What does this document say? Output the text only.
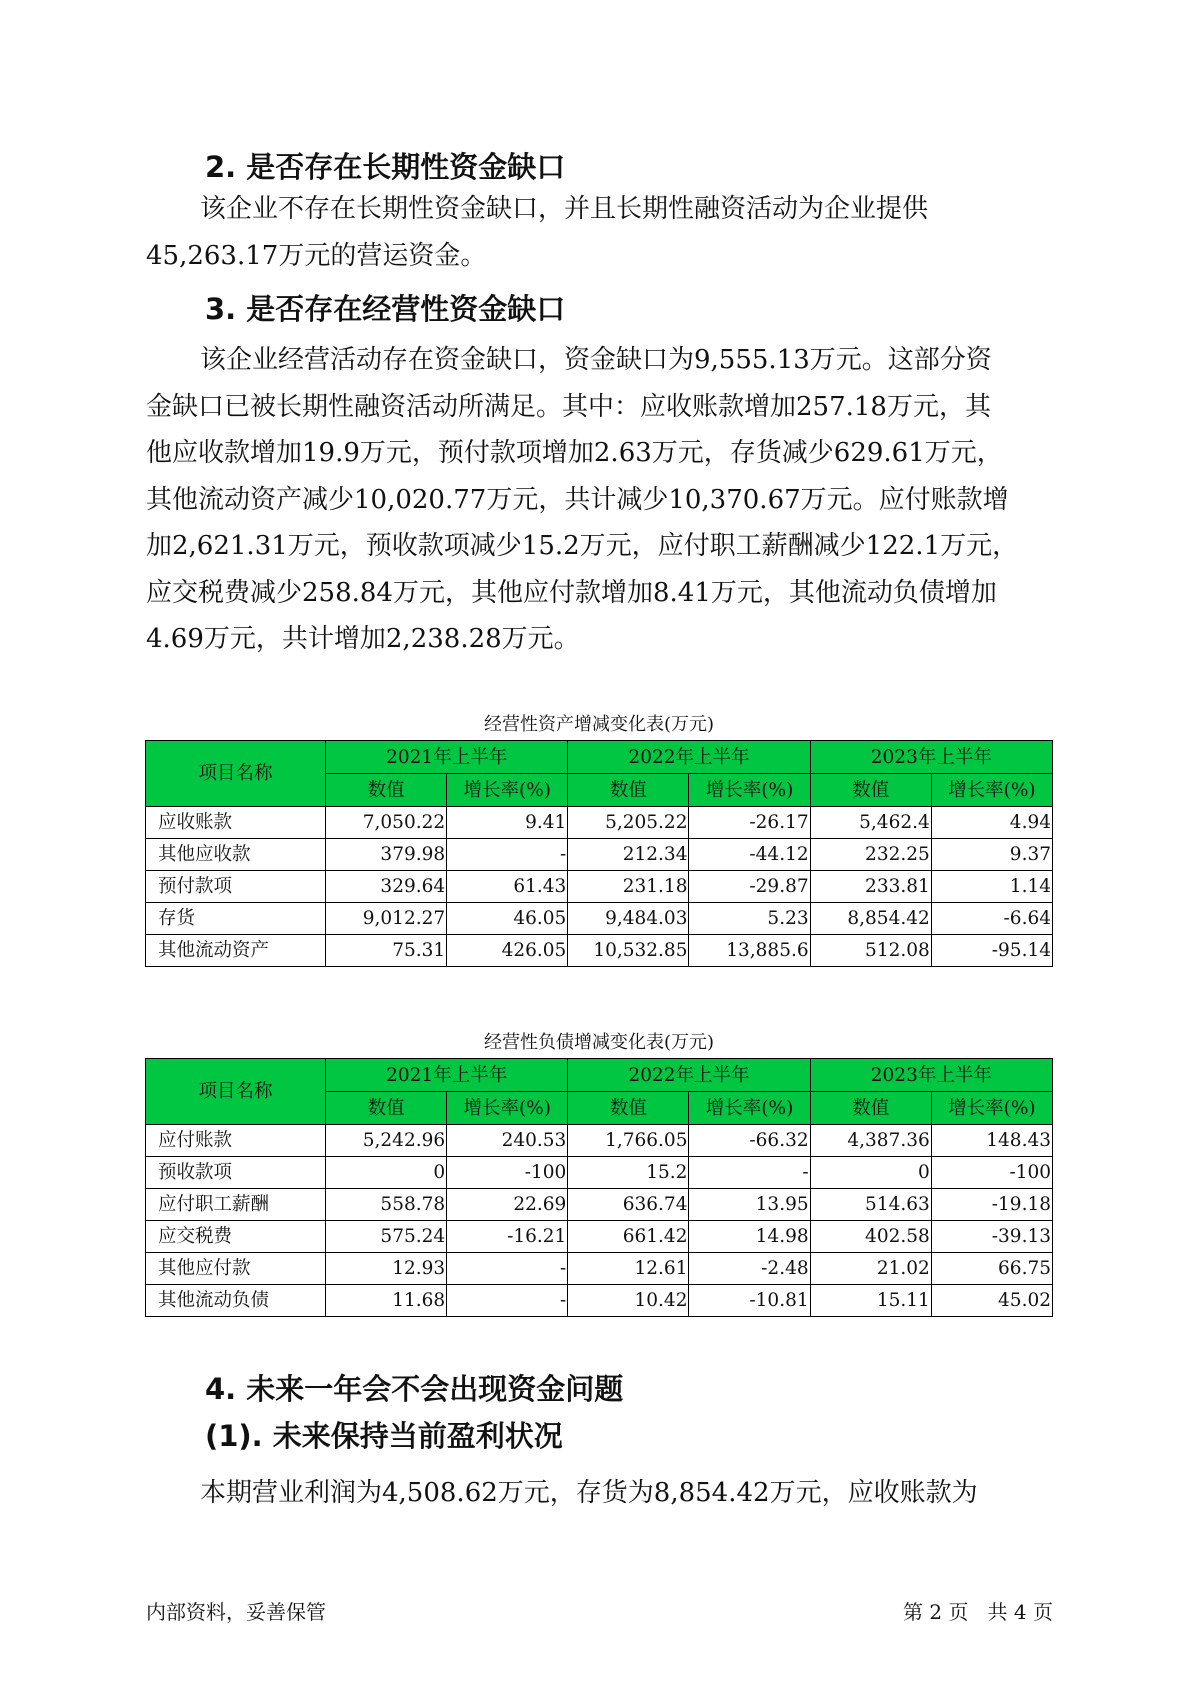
2. 是否存在长期性资金缺口
该企业不存在长期性资金缺口，并且长期性融资活动为企业提供
45,263.17万元的营运资金。
3. 是否存在经营性资金缺口
该企业经营活动存在资金缺口，资金缺口为9,555.13万元。这部分资
金缺口已被长期性融资活动所满足。其中：应收账款增加257.18万元，其
他应收款增加19.9万元，预付款项增加2.63万元，存货减少629.61万元，
其他流动资产减少10,020.77万元，共计减少10,370.67万元。应付账款增
加2,621.31万元，预收款项减少15.2万元，应付职工薪酬减少122.1万元，
应交税费减少258.84万元，其他应付款增加8.41万元，其他流动负债增加
4.69万元，共计增加2,238.28万元。
经营性资产增减变化表(万元)
项目名称	2021年上半年		2022年上半年		2023年上半年	
	数值	增长率(%)	数值	增长率(%)	数值	增长率(%)
应收账款	7,050.22	9.41	5,205.22	-26.17	5,462.4	4.94
其他应收款	379.98	-	212.34	-44.12	232.25	9.37
预付款项	329.64	61.43	231.18	-29.87	233.81	1.14
存货	9,012.27	46.05	9,484.03	5.23	8,854.42	-6.64
其他流动资产	75.31	426.05	10,532.85	13,885.6	512.08	-95.14
经营性负债增减变化表(万元)
项目名称	2021年上半年		2022年上半年		2023年上半年	
	数值	增长率(%)	数值	增长率(%)	数值	增长率(%)
应付账款	5,242.96	240.53	1,766.05	-66.32	4,387.36	148.43
预收款项	0	-100	15.2	-	0	-100
应付职工薪酬	558.78	22.69	636.74	13.95	514.63	-19.18
应交税费	575.24	-16.21	661.42	14.98	402.58	-39.13
其他应付款	12.93	-	12.61	-2.48	21.02	66.75
其他流动负债	11.68	-	10.42	-10.81	15.11	45.02
4. 未来一年会不会出现资金问题
(1). 未来保持当前盈利状况
本期营业利润为4,508.62万元，存货为8,854.42万元，应收账款为
内部资料，妥善保管	第 2 页   共 4 页
